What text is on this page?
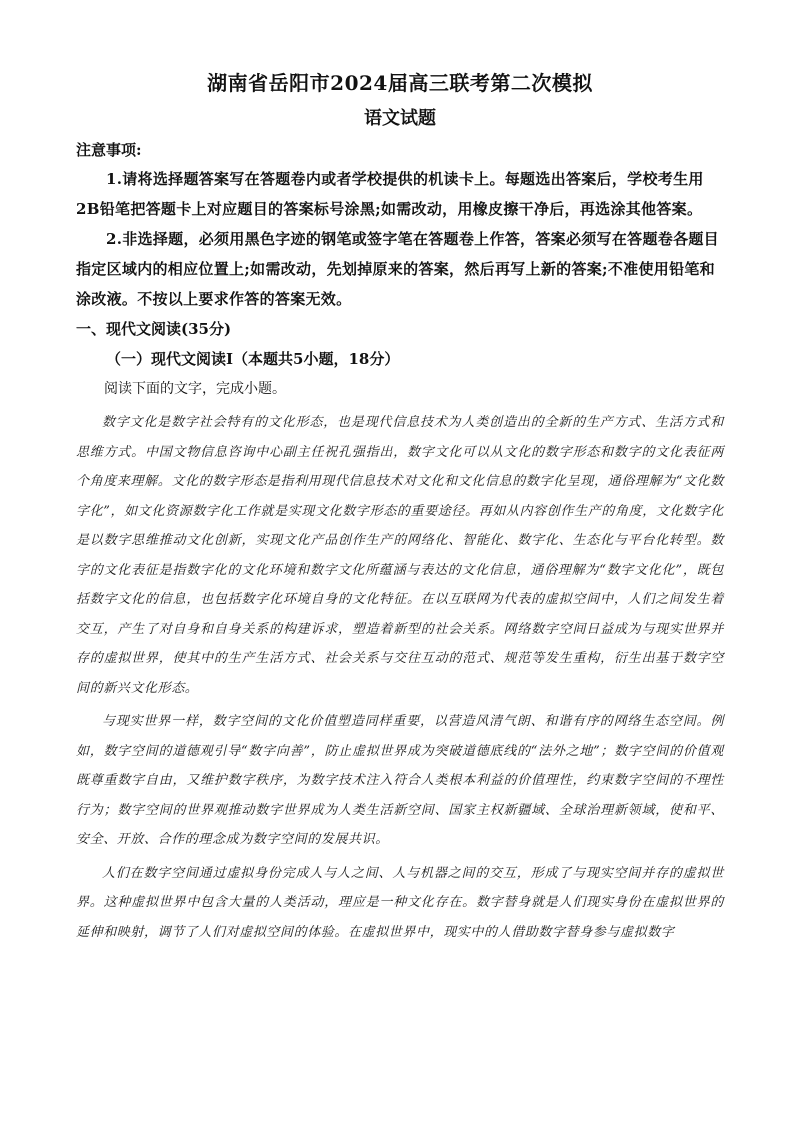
湖南省岳阳市2024届高三联考第二次模拟
语文试题
注意事项:

1.请将选择题答案写在答题卷内或者学校提供的机读卡上。每题选出答案后，学校考生用2B铅笔把答题卡上对应题目的答案标号涂黑;如需改动，用橡皮擦干净后，再选涂其他答案。

2.非选择题，必须用黑色字迹的钢笔或签字笔在答题卷上作答，答案必须写在答题卷各题目指定区域内的相应位置上;如需改动，先划掉原来的答案，然后再写上新的答案;不准使用铅笔和涂改液。不按以上要求作答的答案无效。

一、现代文阅读(35分)
（一）现代文阅读Ⅰ（本题共5小题，18分）

阅读下面的文字，完成小题。

数字文化是数字社会特有的文化形态，也是现代信息技术为人类创造出的全新的生产方式、生活方式和思维方式。中国文物信息咨询中心副主任祝孔强指出，数字文化可以从文化的数字形态和数字的文化表征两个角度来理解。文化的数字形态是指利用现代信息技术对文化和文化信息的数字化呈现，通俗理解为“文化数字化”，如文化资源数字化工作就是实现文化数字形态的重要途径。再如从内容创作生产的角度，文化数字化是以数字思维推动文化创新，实现文化产品创作生产的网络化、智能化、数字化、生态化与平台化转型。数字的文化表征是指数字化的文化环境和数字文化所蕴涵与表达的文化信息，通俗理解为“数字文化化”，既包括数字文化的信息，也包括数字化环境自身的文化特征。在以互联网为代表的虚拟空间中，人们之间发生着交互，产生了对自身和自身关系的构建诉求，塑造着新型的社会关系。网络数字空间日益成为与现实世界并存的虚拟世界，使其中的生产生活方式、社会关系与交往互动的范式、规范等发生重构，衍生出基于数字空间的新兴文化形态。

与现实世界一样，数字空间的文化价值塑造同样重要，以营造风清气朗、和谐有序的网络生态空间。例如，数字空间的道德观引导“数字向善”，防止虚拟世界成为突破道德底线的“法外之地”；数字空间的价值观既尊重数字自由，又维护数字秩序，为数字技术注入符合人类根本利益的价值理性，约束数字空间的不理性行为；数字空间的世界观推动数字世界成为人类生活新空间、国家主权新疆域、全球治理新领域，使和平、安全、开放、合作的理念成为数字空间的发展共识。

人们在数字空间通过虚拟身份完成人与人之间、人与机器之间的交互，形成了与现实空间并存的虚拟世界。这种虚拟世界中包含大量的人类活动，理应是一种文化存在。数字替身就是人们现实身份在虚拟世界的延伸和映射，调节了人们对虚拟空间的体验。在虚拟世界中，现实中的人借助数字替身参与虚拟数字
